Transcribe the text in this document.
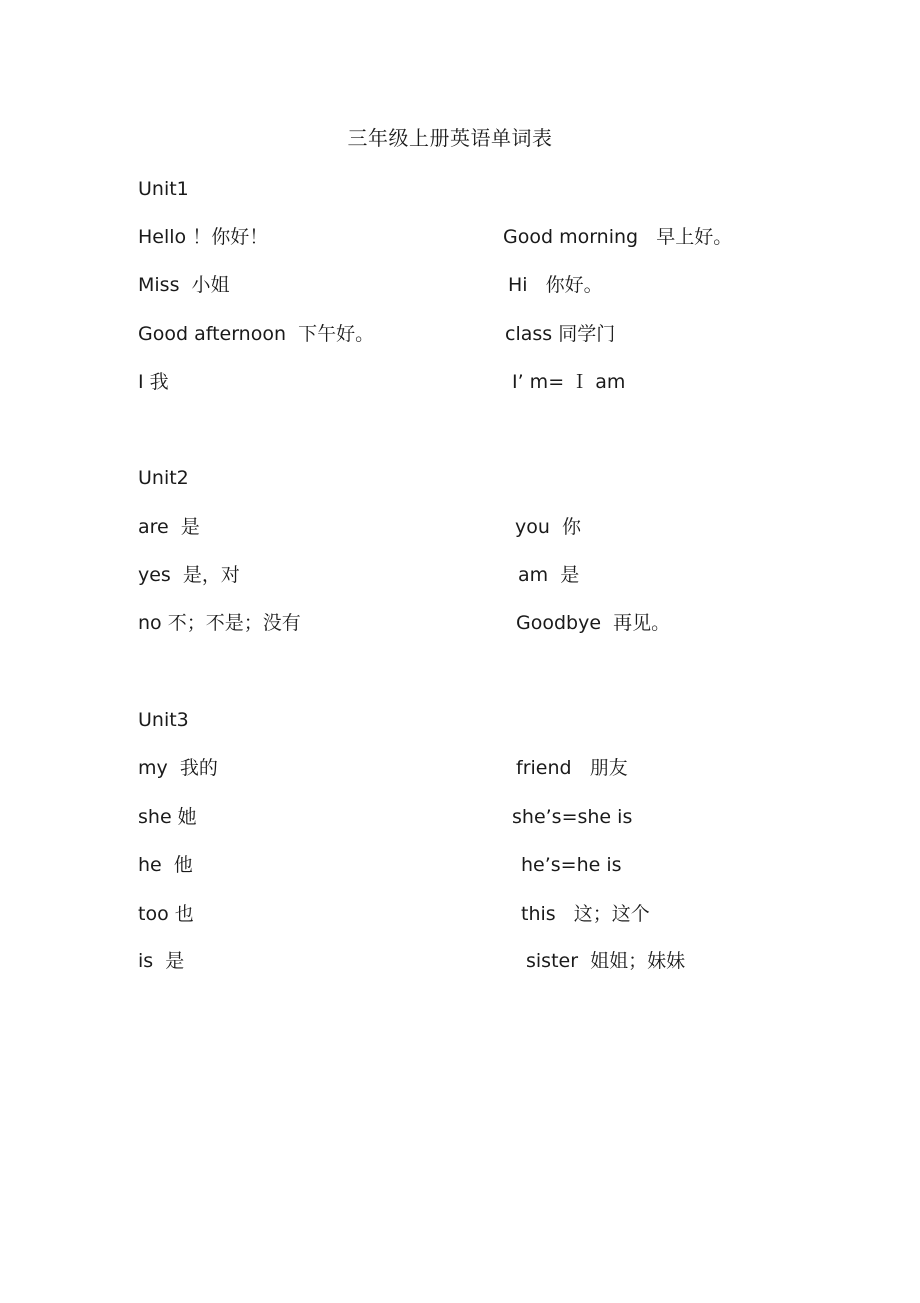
三年级上册英语单词表
Unit1
Hello ！你好！	Good morning   早上好。
Miss  小姐	Hi   你好。
Good afternoon  下午好。	class 同学门
I 我	I’ m= Ｉ am
Unit2
are  是	you  你
yes  是，对	am  是
no 不；不是；没有	Goodbye  再见。
Unit3
my  我的	friend   朋友
she 她	she’s=she is
he  他	he’s=he is
too 也	this   这；这个
is  是	sister  姐姐；妹妹
